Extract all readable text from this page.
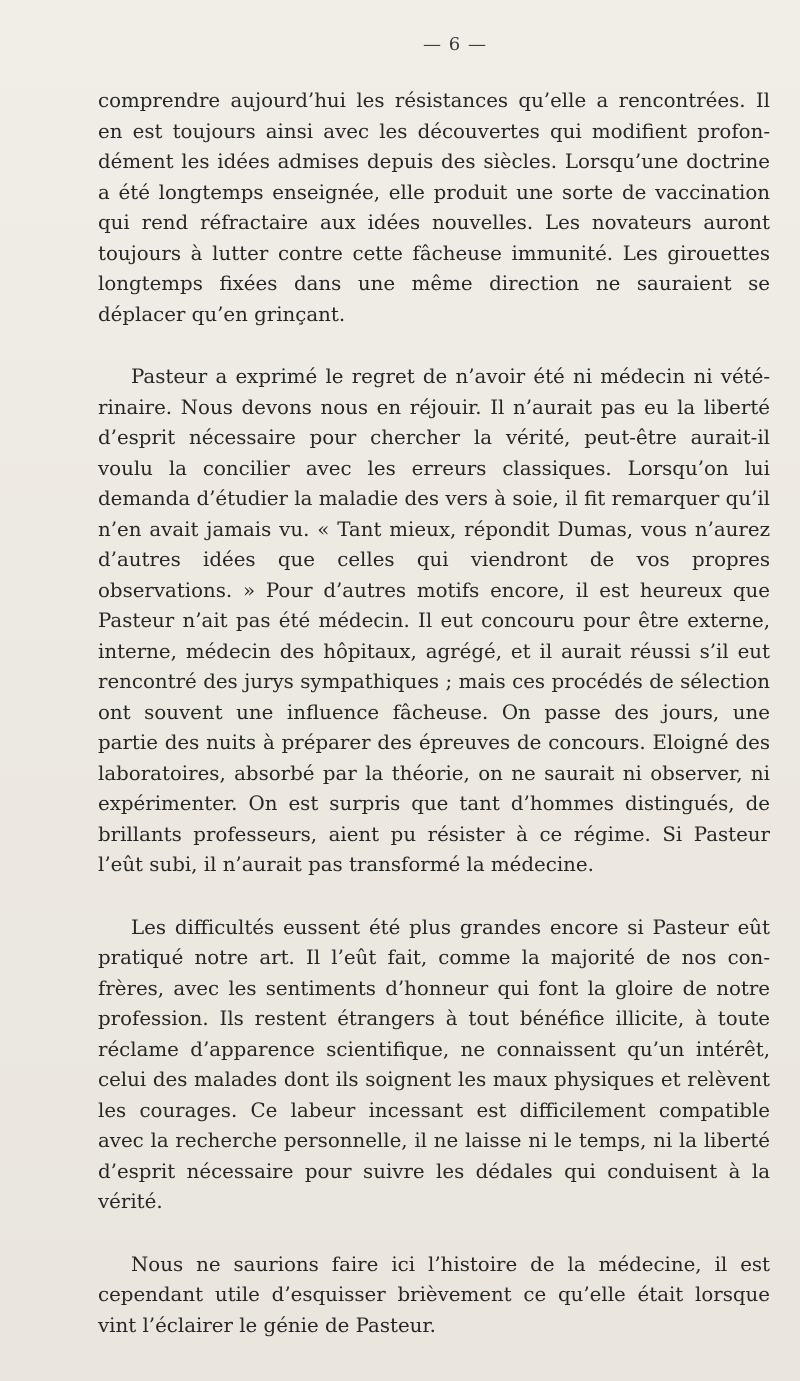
— 6 —

comprendre aujourd’hui les résistances qu’elle a rencontrées. Il en est toujours ainsi avec les découvertes qui modifient profondément les idées admises depuis des siècles. Lorsqu’une doctrine a été longtemps enseignée, elle produit une sorte de vaccination qui rend réfractaire aux idées nouvelles. Les novateurs auront toujours à lutter contre cette fâcheuse immunité. Les girouettes longtemps fixées dans une même direction ne sauraient se déplacer qu’en grinçant.

Pasteur a exprimé le regret de n’avoir été ni médecin ni vétérinaire. Nous devons nous en réjouir. Il n’aurait pas eu la liberté d’esprit nécessaire pour chercher la vérité, peut-être aurait-il voulu la concilier avec les erreurs classiques. Lorsqu’on lui demanda d’étudier la maladie des vers à soie, il fit remarquer qu’il n’en avait jamais vu. « Tant mieux, répondit Dumas, vous n’aurez d’autres idées que celles qui viendront de vos propres observations. » Pour d’autres motifs encore, il est heureux que Pasteur n’ait pas été médecin. Il eut concouru pour être externe, interne, médecin des hôpitaux, agrégé, et il aurait réussi s’il eut rencontré des jurys sympathiques ; mais ces procédés de sélection ont souvent une influence fâcheuse. On passe des jours, une partie des nuits à préparer des épreuves de concours. Eloigné des laboratoires, absorbé par la théorie, on ne saurait ni observer, ni expérimenter. On est surpris que tant d’hommes distingués, de brillants professeurs, aient pu résister à ce régime. Si Pasteur l’eût subi, il n’aurait pas transformé la médecine.

Les difficultés eussent été plus grandes encore si Pasteur eût pratiqué notre art. Il l’eût fait, comme la majorité de nos confrères, avec les sentiments d’honneur qui font la gloire de notre profession. Ils restent étrangers à tout bénéfice illicite, à toute réclame d’apparence scientifique, ne connaissent qu’un intérêt, celui des malades dont ils soignent les maux physiques et relèvent les courages. Ce labeur incessant est difficilement compatible avec la recherche personnelle, il ne laisse ni le temps, ni la liberté d’esprit nécessaire pour suivre les dédales qui conduisent à la vérité.

Nous ne saurions faire ici l’histoire de la médecine, il est cependant utile d’esquisser brièvement ce qu’elle était lorsque vint l’éclairer le génie de Pasteur.
